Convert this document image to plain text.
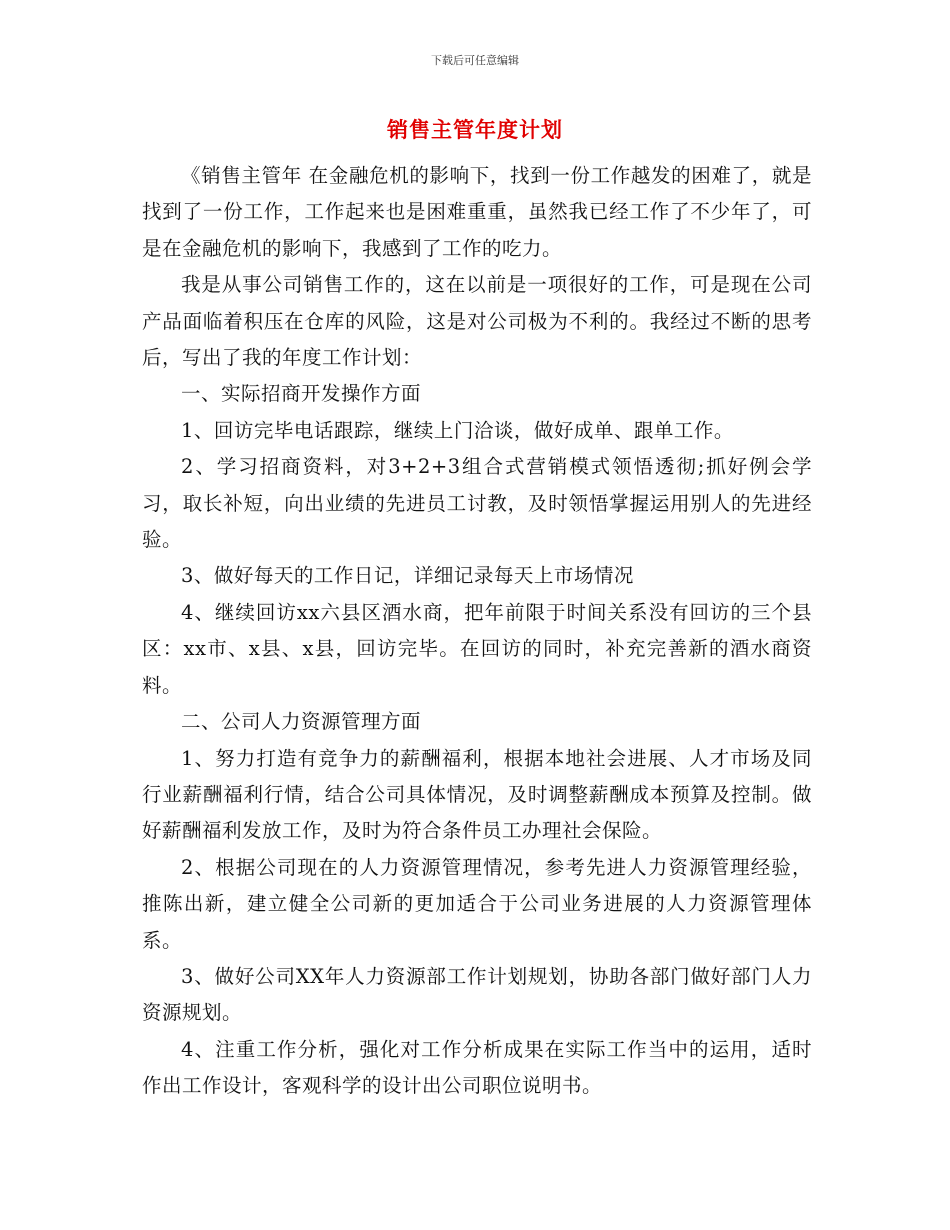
下载后可任意编辑
销售主管年度计划

《销售主管年 在金融危机的影响下，找到一份工作越发的困难了，就是找到了一份工作，工作起来也是困难重重，虽然我已经工作了不少年了，可是在金融危机的影响下，我感到了工作的吃力。

我是从事公司销售工作的，这在以前是一项很好的工作，可是现在公司产品面临着积压在仓库的风险，这是对公司极为不利的。我经过不断的思考后，写出了我的年度工作计划：

一、实际招商开发操作方面

1、回访完毕电话跟踪，继续上门洽谈，做好成单、跟单工作。

2、学习招商资料，对3+2+3组合式营销模式领悟透彻;抓好例会学习，取长补短，向出业绩的先进员工讨教，及时领悟掌握运用别人的先进经验。

3、做好每天的工作日记，详细记录每天上市场情况

4、继续回访xx六县区酒水商，把年前限于时间关系没有回访的三个县区：xx市、x县、x县，回访完毕。在回访的同时，补充完善新的酒水商资料。

二、公司人力资源管理方面

1、努力打造有竞争力的薪酬福利，根据本地社会进展、人才市场及同行业薪酬福利行情，结合公司具体情况，及时调整薪酬成本预算及控制。做好薪酬福利发放工作，及时为符合条件员工办理社会保险。

2、根据公司现在的人力资源管理情况，参考先进人力资源管理经验，推陈出新，建立健全公司新的更加适合于公司业务进展的人力资源管理体系。

3、做好公司XX年人力资源部工作计划规划，协助各部门做好部门人力资源规划。

4、注重工作分析，强化对工作分析成果在实际工作当中的运用，适时作出工作设计，客观科学的设计出公司职位说明书。
